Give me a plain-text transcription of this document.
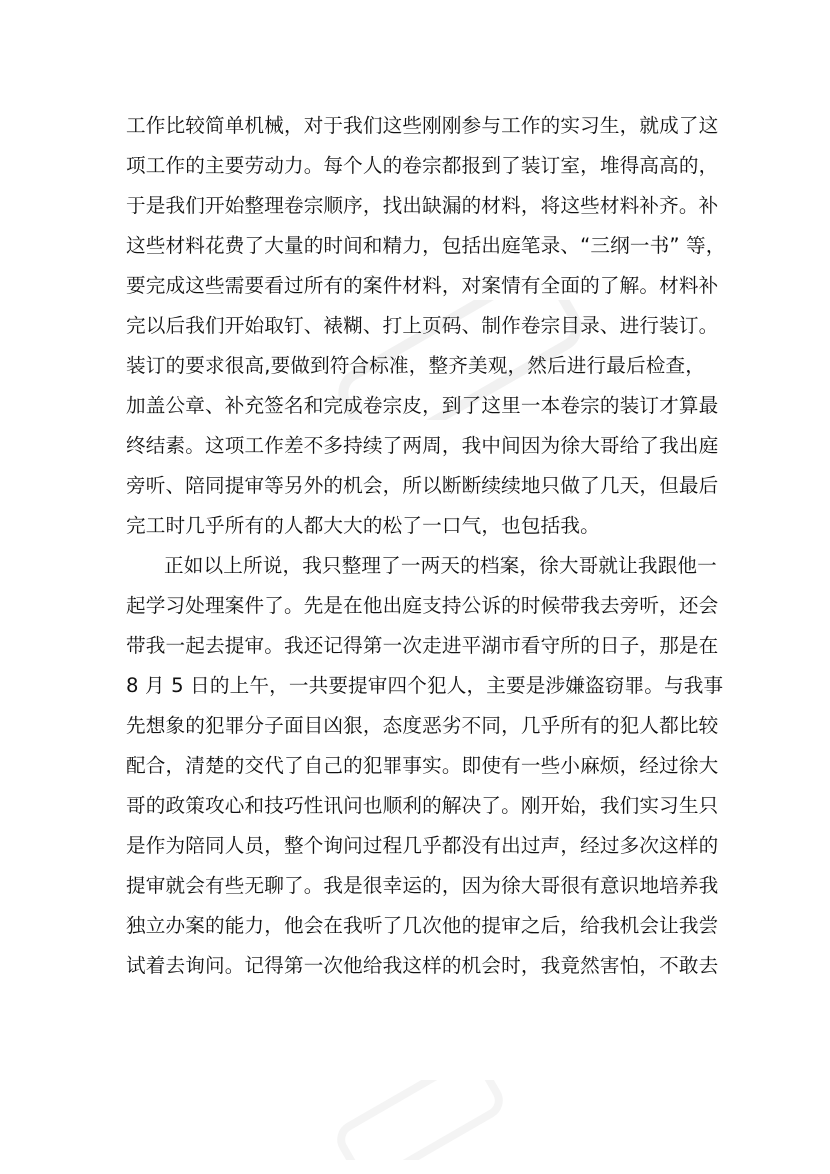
工作比较简单机械，对于我们这些刚刚参与工作的实习生，就成了这
项工作的主要劳动力。每个人的卷宗都报到了装订室，堆得高高的，
于是我们开始整理卷宗顺序，找出缺漏的材料，将这些材料补齐。补
这些材料花费了大量的时间和精力，包括出庭笔录、“三纲一书” 等，
要完成这些需要看过所有的案件材料，对案情有全面的了解。材料补
完以后我们开始取钉、裱糊、打上页码、制作卷宗目录、进行装订。
装订的要求很高,要做到符合标准，整齐美观，然后进行最后检查，
加盖公章、补充签名和完成卷宗皮，到了这里一本卷宗的装订才算最
终结素。这项工作差不多持续了两周，我中间因为徐大哥给了我出庭
旁听、陪同提审等另外的机会，所以断断续续地只做了几天，但最后
完工时几乎所有的人都大大的松了一口气，也包括我。
正如以上所说，我只整理了一两天的档案，徐大哥就让我跟他一
起学习处理案件了。先是在他出庭支持公诉的时候带我去旁听，还会
带我一起去提审。我还记得第一次走进平湖市看守所的日子，那是在
8 月 5 日的上午，一共要提审四个犯人，主要是涉嫌盗窃罪。与我事
先想象的犯罪分子面目凶狠，态度恶劣不同，几乎所有的犯人都比较
配合，清楚的交代了自己的犯罪事实。即使有一些小麻烦，经过徐大
哥的政策攻心和技巧性讯问也顺利的解决了。刚开始，我们实习生只
是作为陪同人员，整个询问过程几乎都没有出过声，经过多次这样的
提审就会有些无聊了。我是很幸运的，因为徐大哥很有意识地培养我
独立办案的能力，他会在我听了几次他的提审之后，给我机会让我尝
试着去询问。记得第一次他给我这样的机会时，我竟然害怕，不敢去
